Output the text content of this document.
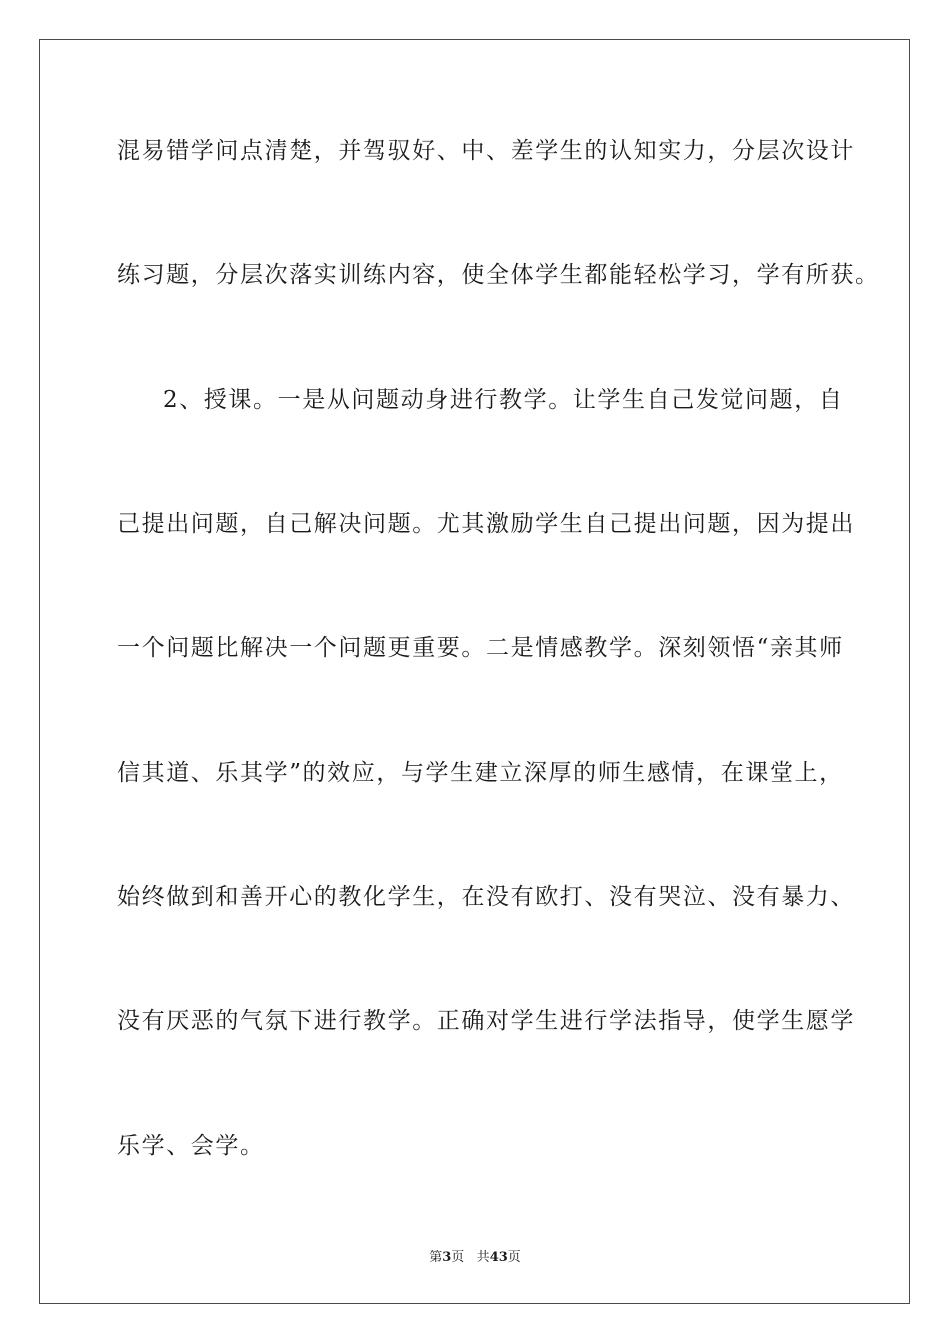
混易错学问点清楚，并驾驭好、中、差学生的认知实力，分层次设计
练习题，分层次落实训练内容，使全体学生都能轻松学习，学有所获。
2、授课。一是从问题动身进行教学。让学生自己发觉问题，自
己提出问题，自己解决问题。尤其激励学生自己提出问题，因为提出
一个问题比解决一个问题更重要。二是情感教学。深刻领悟“亲其师
信其道、乐其学”的效应，与学生建立深厚的师生感情，在课堂上，
始终做到和善开心的教化学生，在没有欧打、没有哭泣、没有暴力、
没有厌恶的气氛下进行教学。正确对学生进行学法指导，使学生愿学
乐学、会学。
第3页 共43页
